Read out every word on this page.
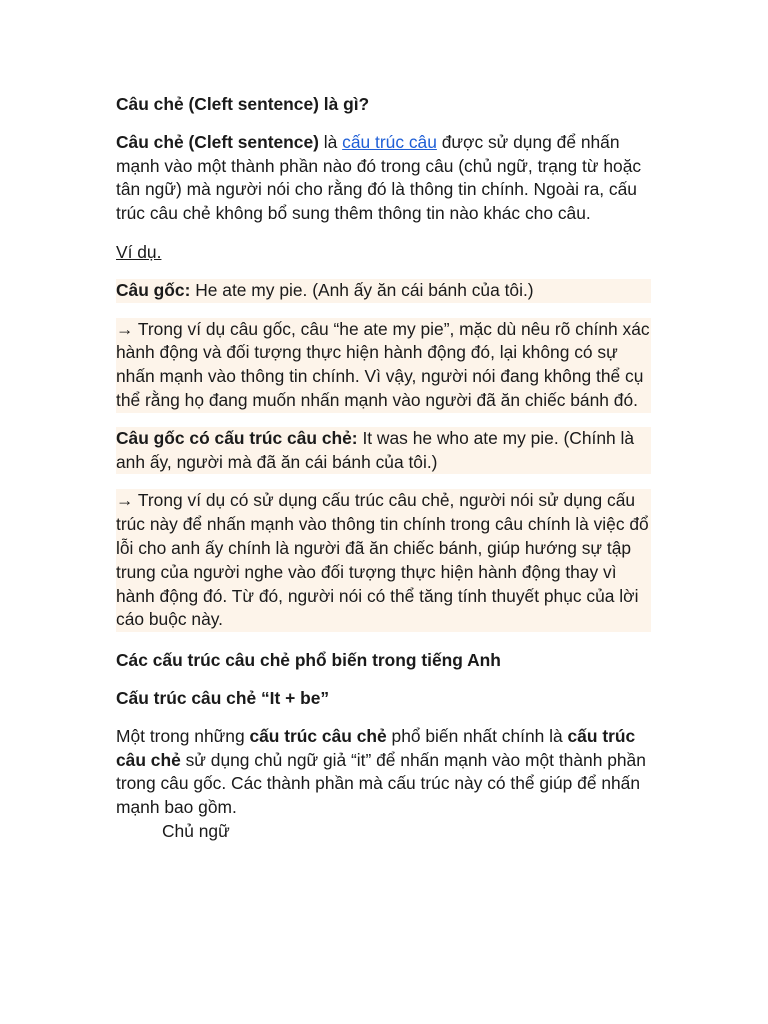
Câu chẻ (Cleft sentence) là gì?

Câu chẻ (Cleft sentence) là cấu trúc câu được sử dụng để nhấn mạnh vào một thành phần nào đó trong câu (chủ ngữ, trạng từ hoặc tân ngữ) mà người nói cho rằng đó là thông tin chính. Ngoài ra, cấu trúc câu chẻ không bổ sung thêm thông tin nào khác cho câu.

Ví dụ.

Câu gốc: He ate my pie. (Anh ấy ăn cái bánh của tôi.)

→ Trong ví dụ câu gốc, câu “he ate my pie”, mặc dù nêu rõ chính xác hành động và đối tượng thực hiện hành động đó, lại không có sự nhấn mạnh vào thông tin chính. Vì vậy, người nói đang không thể cụ thể rằng họ đang muốn nhấn mạnh vào người đã ăn chiếc bánh đó.

Câu gốc có cấu trúc câu chẻ: It was he who ate my pie. (Chính là anh ấy, người mà đã ăn cái bánh của tôi.)

→ Trong ví dụ có sử dụng cấu trúc câu chẻ, người nói sử dụng cấu trúc này để nhấn mạnh vào thông tin chính trong câu chính là việc đổ lỗi cho anh ấy chính là người đã ăn chiếc bánh, giúp hướng sự tập trung của người nghe vào đối tượng thực hiện hành động thay vì hành động đó. Từ đó, người nói có thể tăng tính thuyết phục của lời cáo buộc này.

Các cấu trúc câu chẻ phổ biến trong tiếng Anh

Cấu trúc câu chẻ “It + be”

Một trong những cấu trúc câu chẻ phổ biến nhất chính là cấu trúc câu chẻ sử dụng chủ ngữ giả “it” để nhấn mạnh vào một thành phần trong câu gốc. Các thành phần mà cấu trúc này có thể giúp để nhấn mạnh bao gồm.

Chủ ngữ
